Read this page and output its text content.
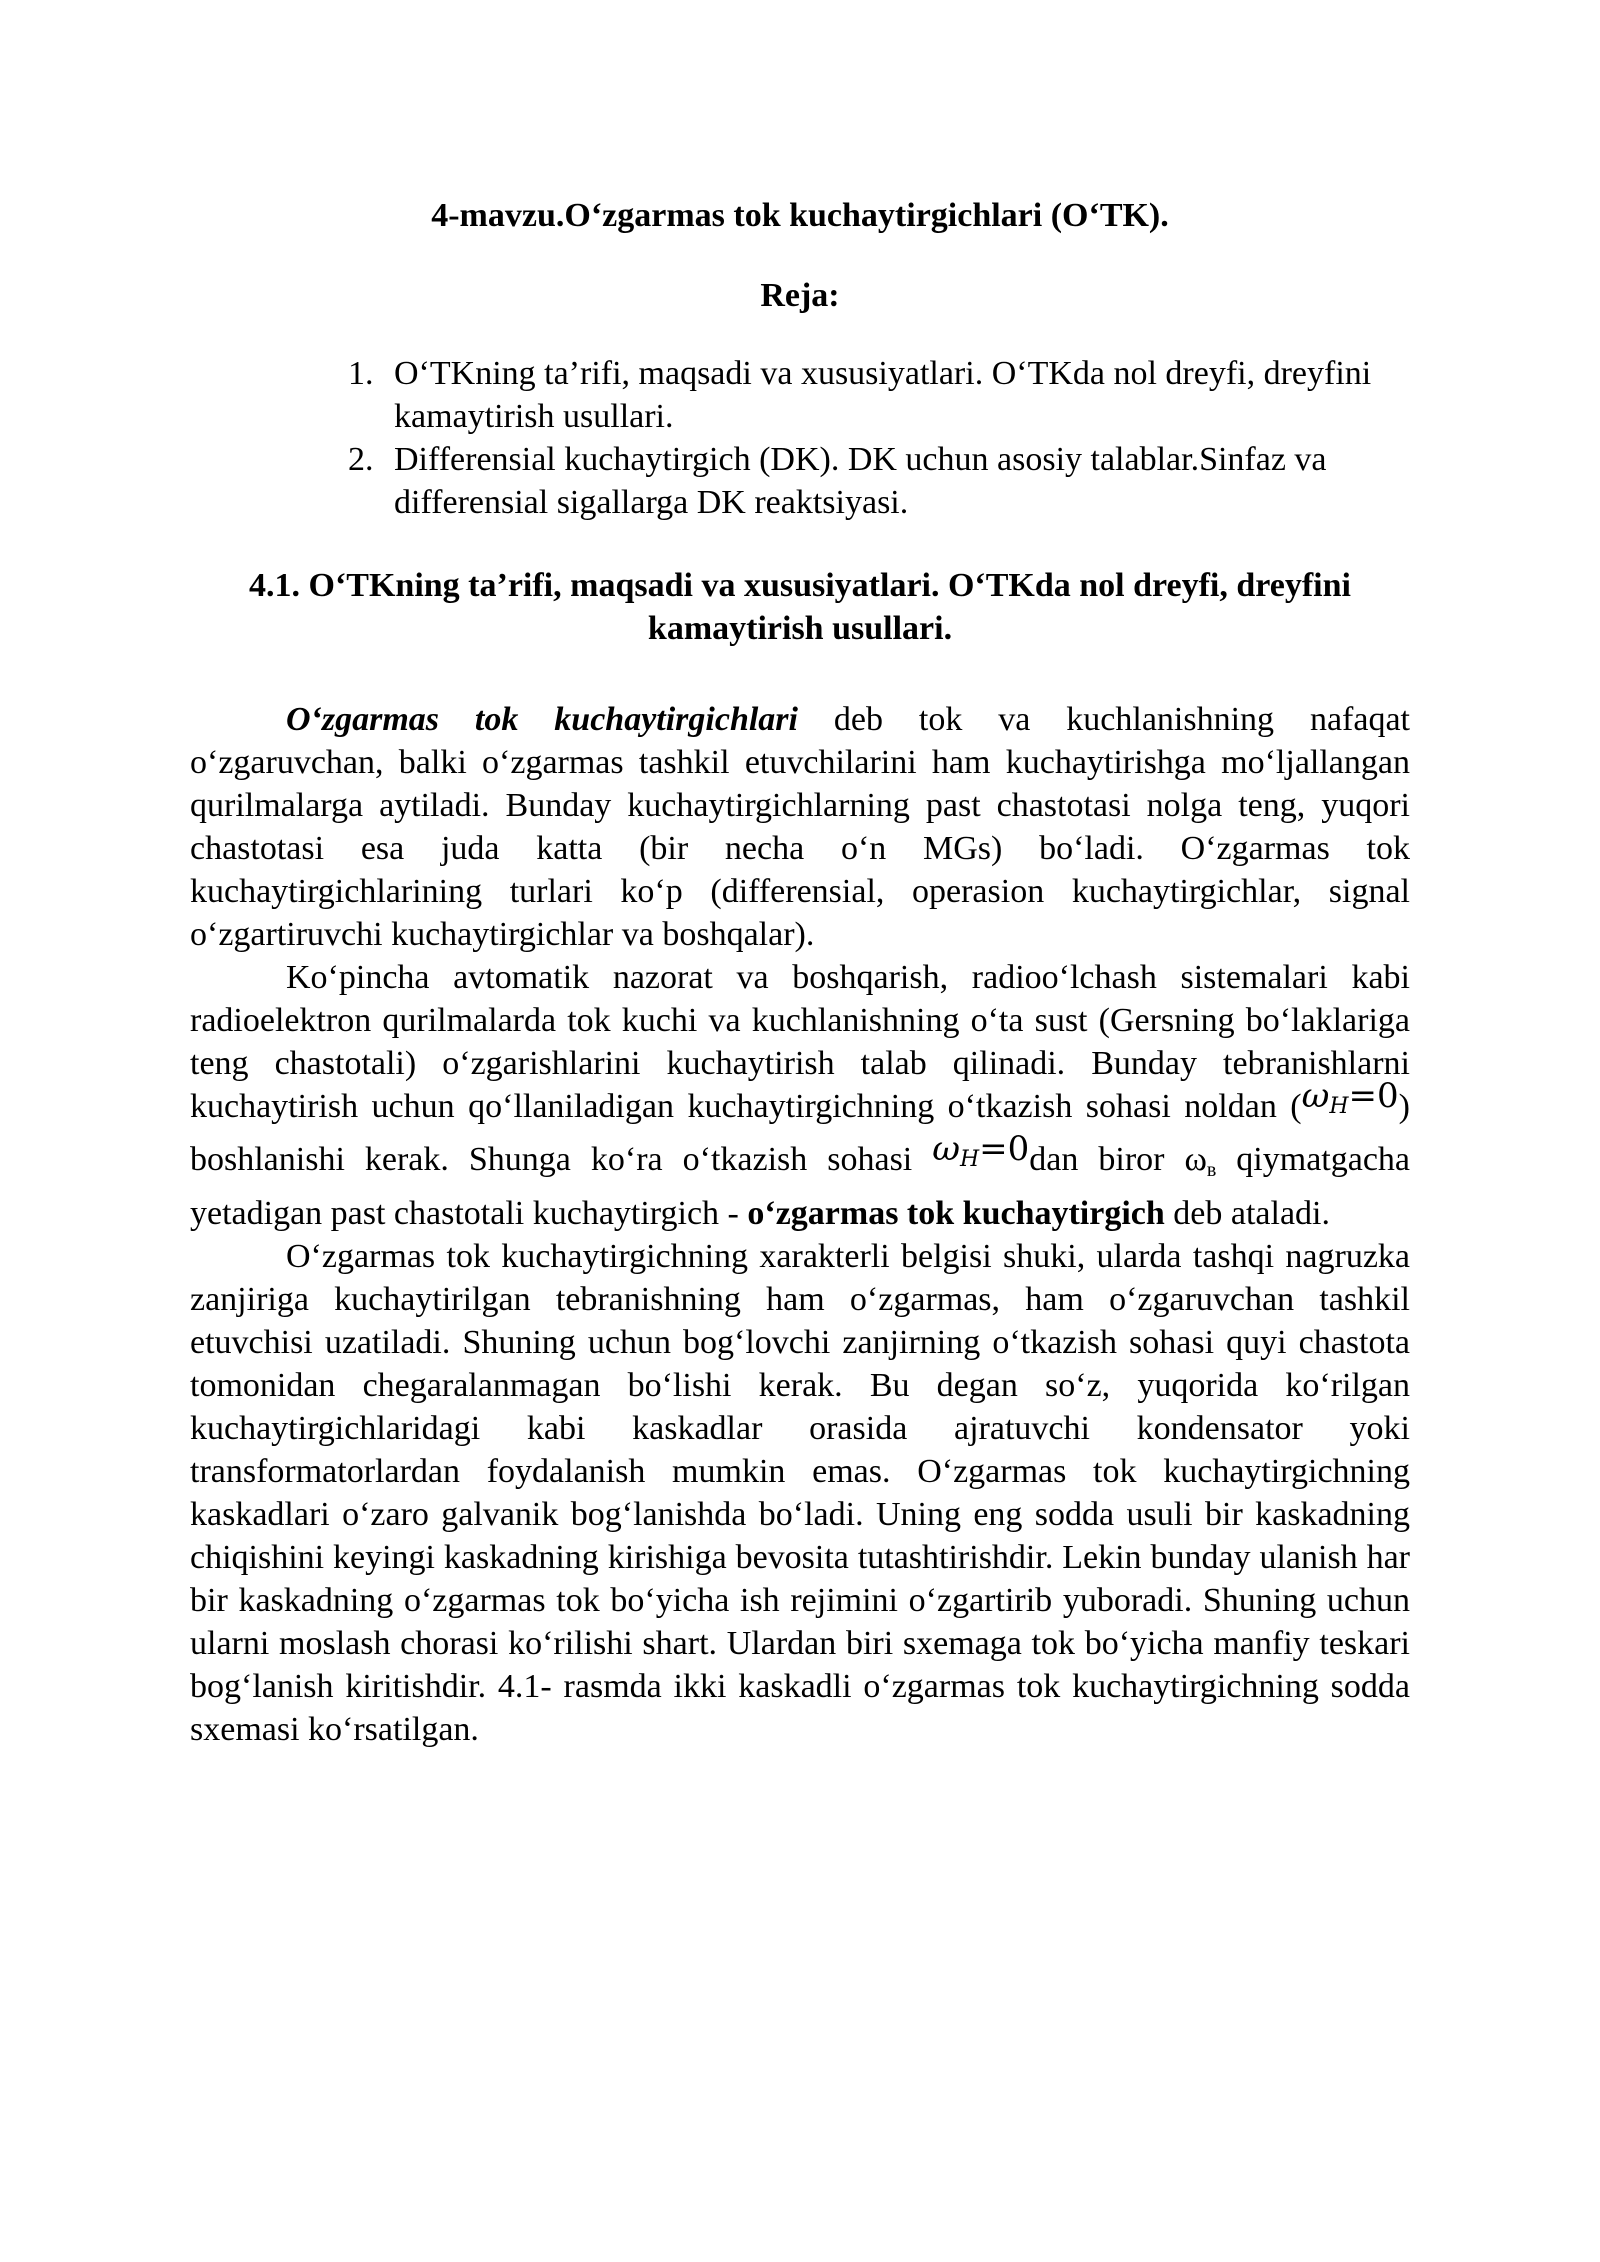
4-mavzu.O‘zgarmas tok kuchaytirgichlari (O‘TK).
Reja:
1. O‘TKning ta’rifi, maqsadi va xususiyatlari. O‘TKda nol dreyfi, dreyfini kamaytirish usullari.
2. Differensial kuchaytirgich (DK). DK uchun asosiy talablar.Sinfaz va differensial sigallarga DK reaktsiyasi.
4.1. O‘TKning ta’rifi, maqsadi va xususiyatlari. O‘TKda nol dreyfi, dreyfini kamaytirish usullari.

O‘zgarmas tok kuchaytirgichlari deb tok va kuchlanishning nafaqat o‘zgaruvchan, balki o‘zgarmas tashkil etuvchilarini ham kuchaytirishga mo‘ljallangan qurilmalarga aytiladi. Bunday kuchaytirgichlarning past chastotasi nolga teng, yuqori chastotasi esa juda katta (bir necha o‘n MGs) bo‘ladi. O‘zgarmas tok kuchaytirgichlarining turlari ko‘p (differensial, operasion kuchaytirgichlar, signal o‘zgartiruvchi kuchaytirgichlar va boshqalar).

Ko‘pincha avtomatik nazorat va boshqarish, radioo‘lchash sistemalari kabi radioelektron qurilmalarda tok kuchi va kuchlanishning o‘ta sust (Gersning bo‘laklariga teng chastotali) o‘zgarishlarini kuchaytirish talab qilinadi. Bunday tebranishlarni kuchaytirish uchun qo‘llaniladigan kuchaytirgichning o‘tkazish sohasi noldan $(\omega_H=0)$ boshlanishi kerak. Shunga ko‘ra o‘tkazish sohasi $\omega_H=0dan$ biror ωв qiymatgacha yetadigan past chastotali kuchaytirgich - o‘zgarmas tok kuchaytirgich deb ataladi.

O‘zgarmas tok kuchaytirgichning xarakterli belgisi shuki, ularda tashqi nagruzka zanjiriga kuchaytirilgan tebranishning ham o‘zgarmas, ham o‘zgaruvchan tashkil etuvchisi uzatiladi. Shuning uchun bog‘lovchi zanjirning o‘tkazish sohasi quyi chastota tomonidan chegaralanmagan bo‘lishi kerak. Bu degan so‘z, yuqorida ko‘rilgan kuchaytirgichlaridagi kabi kaskadlar orasida ajratuvchi kondensator yoki transformatorlardan foydalanish mumkin emas. O‘zgarmas tok kuchaytirgichning kaskadlari o‘zaro galvanik bog‘lanishda bo‘ladi. Uning eng sodda usuli bir kaskadning chiqishini keyingi kaskadning kirishiga bevosita tutashtirishdir. Lekin bunday ulanish har bir kaskadning o‘zgarmas tok bo‘yicha ish rejimini o‘zgartirib yuboradi. Shuning uchun ularni moslash chorasi ko‘rilishi shart. Ulardan biri sxemaga tok bo‘yicha manfiy teskari bog‘lanish kiritishdir. 4.1- rasmda ikki kaskadli o‘zgarmas tok kuchaytirgichning sodda sxemasi ko‘rsatilgan.
